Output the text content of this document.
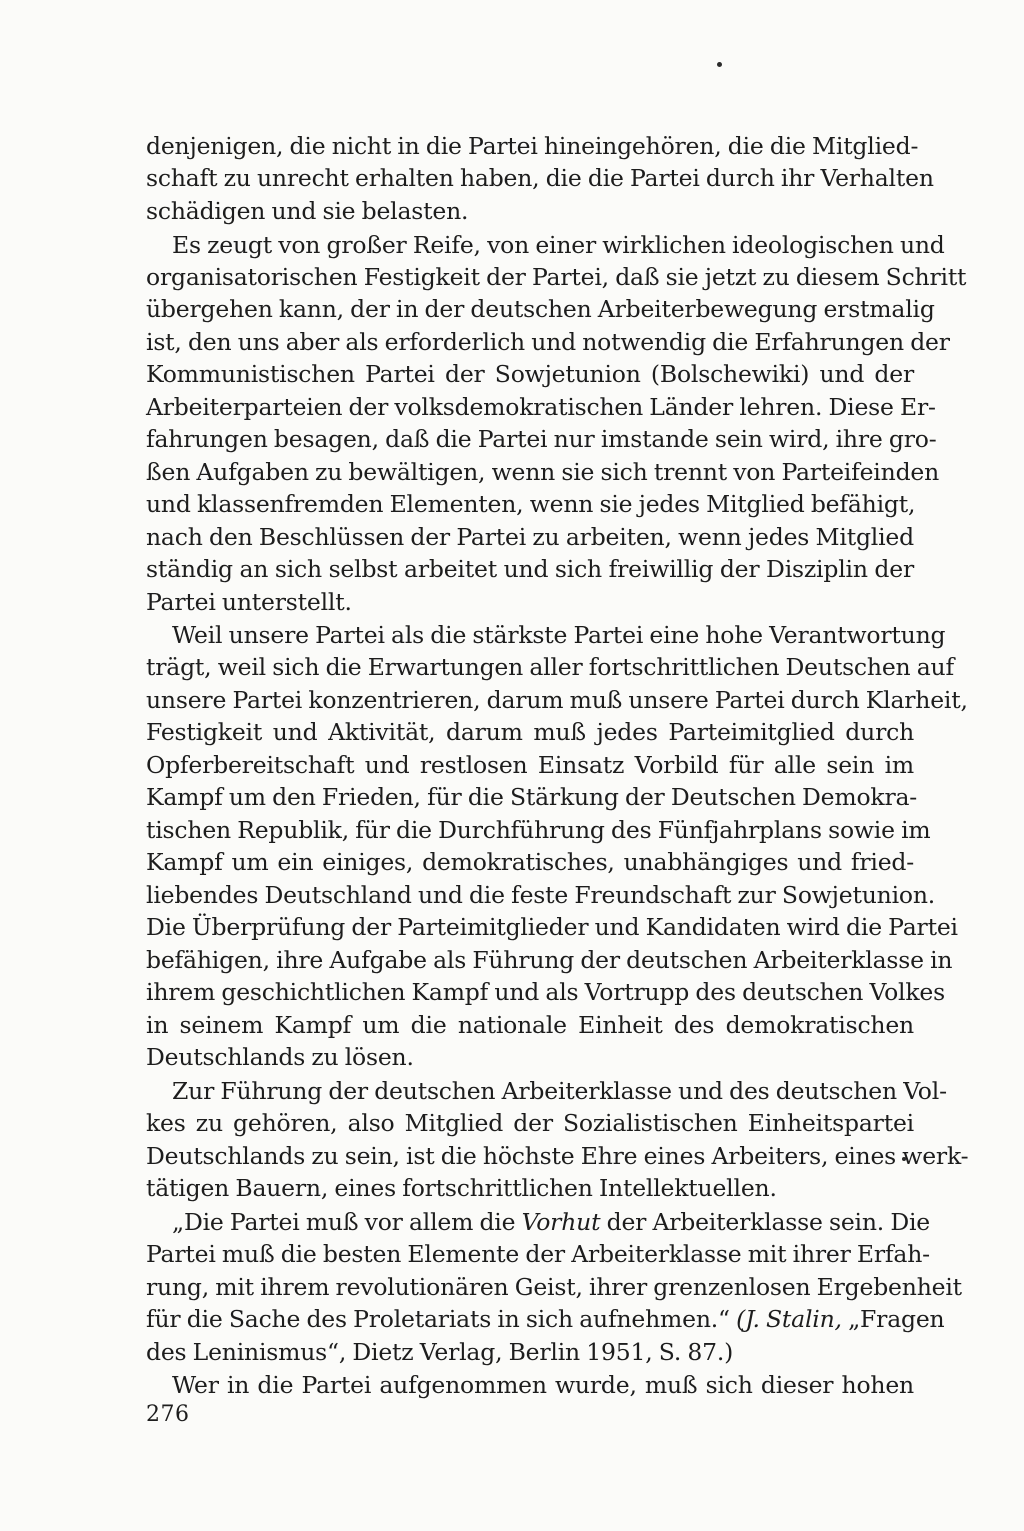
denjenigen, die nicht in die Partei hineingehören, die die Mitglied-
schaft zu unrecht erhalten haben, die die Partei durch ihr Verhalten
schädigen und sie belasten.
Es zeugt von großer Reife, von einer wirklichen ideologischen und
organisatorischen Festigkeit der Partei, daß sie jetzt zu diesem Schritt
übergehen kann, der in der deutschen Arbeiterbewegung erstmalig
ist, den uns aber als erforderlich und notwendig die Erfahrungen der
Kommunistischen Partei der Sowjetunion (Bolschewiki) und der
Arbeiterparteien der volksdemokratischen Länder lehren. Diese Er-
fahrungen besagen, daß die Partei nur imstande sein wird, ihre gro-
ßen Aufgaben zu bewältigen, wenn sie sich trennt von Parteifeinden
und klassenfremden Elementen, wenn sie jedes Mitglied befähigt,
nach den Beschlüssen der Partei zu arbeiten, wenn jedes Mitglied
ständig an sich selbst arbeitet und sich freiwillig der Disziplin der
Partei unterstellt.
Weil unsere Partei als die stärkste Partei eine hohe Verantwortung
trägt, weil sich die Erwartungen aller fortschrittlichen Deutschen auf
unsere Partei konzentrieren, darum muß unsere Partei durch Klarheit,
Festigkeit und Aktivität, darum muß jedes Parteimitglied durch
Opferbereitschaft und restlosen Einsatz Vorbild für alle sein im
Kampf um den Frieden, für die Stärkung der Deutschen Demokra-
tischen Republik, für die Durchführung des Fünfjahrplans sowie im
Kampf um ein einiges, demokratisches, unabhängiges und fried-
liebendes Deutschland und die feste Freundschaft zur Sowjetunion.
Die Überprüfung der Parteimitglieder und Kandidaten wird die Partei
befähigen, ihre Aufgabe als Führung der deutschen Arbeiterklasse in
ihrem geschichtlichen Kampf und als Vortrupp des deutschen Volkes
in seinem Kampf um die nationale Einheit des demokratischen
Deutschlands zu lösen.
Zur Führung der deutschen Arbeiterklasse und des deutschen Vol-
kes zu gehören, also Mitglied der Sozialistischen Einheitspartei
Deutschlands zu sein, ist die höchste Ehre eines Arbeiters, eines werk-
tätigen Bauern, eines fortschrittlichen Intellektuellen.
„Die Partei muß vor allem die Vorhut der Arbeiterklasse sein. Die
Partei muß die besten Elemente der Arbeiterklasse mit ihrer Erfah-
rung, mit ihrem revolutionären Geist, ihrer grenzenlosen Ergebenheit
für die Sache des Proletariats in sich aufnehmen.“ (J. Stalin, „Fragen
des Leninismus“, Dietz Verlag, Berlin 1951, S. 87.)
Wer in die Partei aufgenommen wurde, muß sich dieser hohen
276
